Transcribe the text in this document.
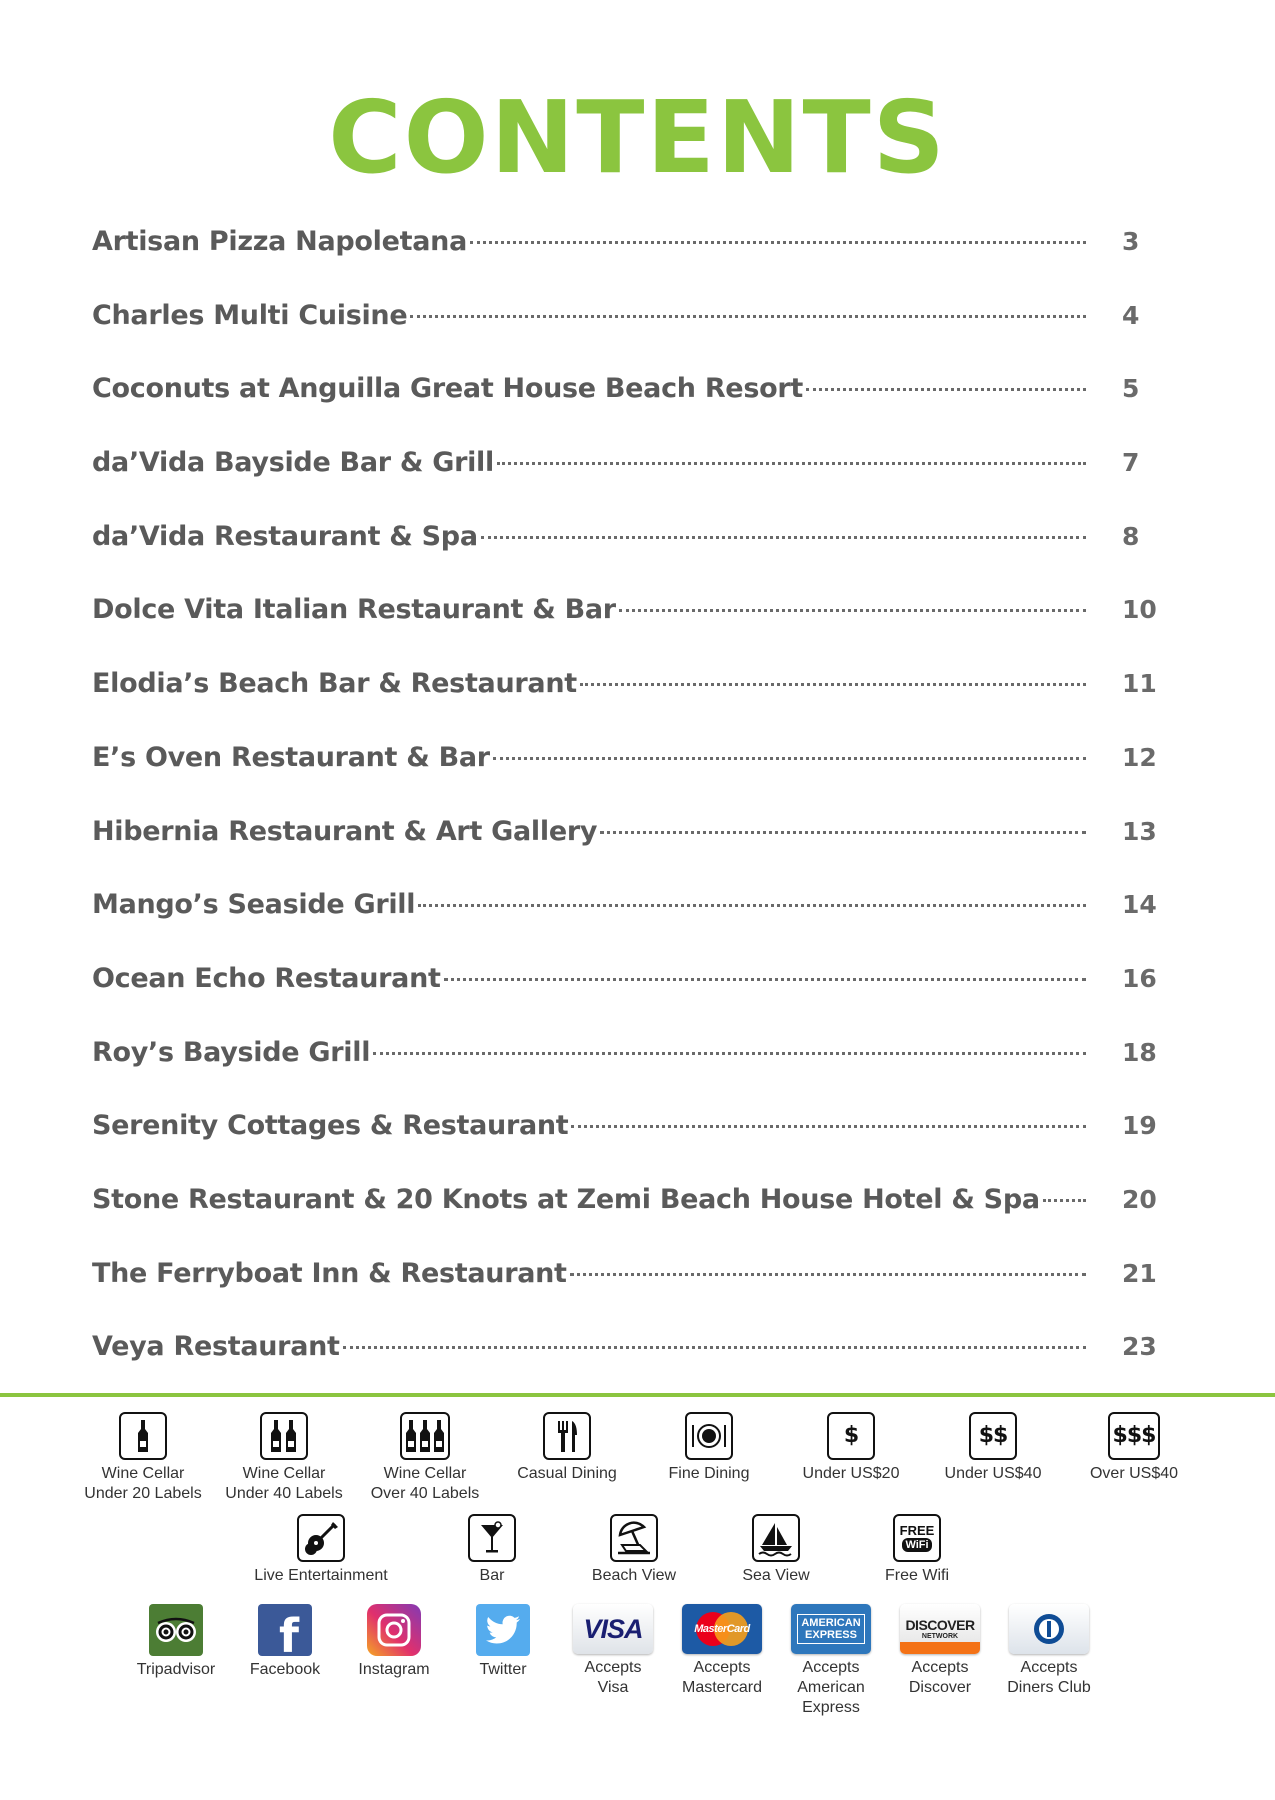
CONTENTS
Artisan Pizza Napoletana	3
Charles Multi Cuisine	4
Coconuts at Anguilla Great House Beach Resort	5
da’Vida Bayside Bar & Grill	7
da’Vida Restaurant & Spa	8
Dolce Vita Italian Restaurant & Bar	10
Elodia’s Beach Bar & Restaurant	11
E’s Oven Restaurant & Bar	12
Hibernia Restaurant & Art Gallery	13
Mango’s Seaside Grill	14
Ocean Echo Restaurant	16
Roy’s Bayside Grill	18
Serenity Cottages & Restaurant	19
Stone Restaurant & 20 Knots at Zemi Beach House Hotel & Spa	20
The Ferryboat Inn & Restaurant	21
Veya Restaurant	23
Wine Cellar
Under 20 Labels
Wine Cellar
Under 40 Labels
Wine Cellar
Over 40 Labels
Casual Dining	Fine Dining
$
Under US$20
$$
Under US$40
$$$
Over US$40
Live Entertainment	Bar	Beach View	Sea View
FREE
WiFi
Free Wifi
Tripadvisor
f
Facebook	Instagram	Twitter
VISA
Accepts
Visa
MasterCard
Accepts
Mastercard
AMERICAN EXPRESS
Accepts
American
Express
DISCOVER
NETWORK
Accepts
Discover
Accepts
Diners Club
